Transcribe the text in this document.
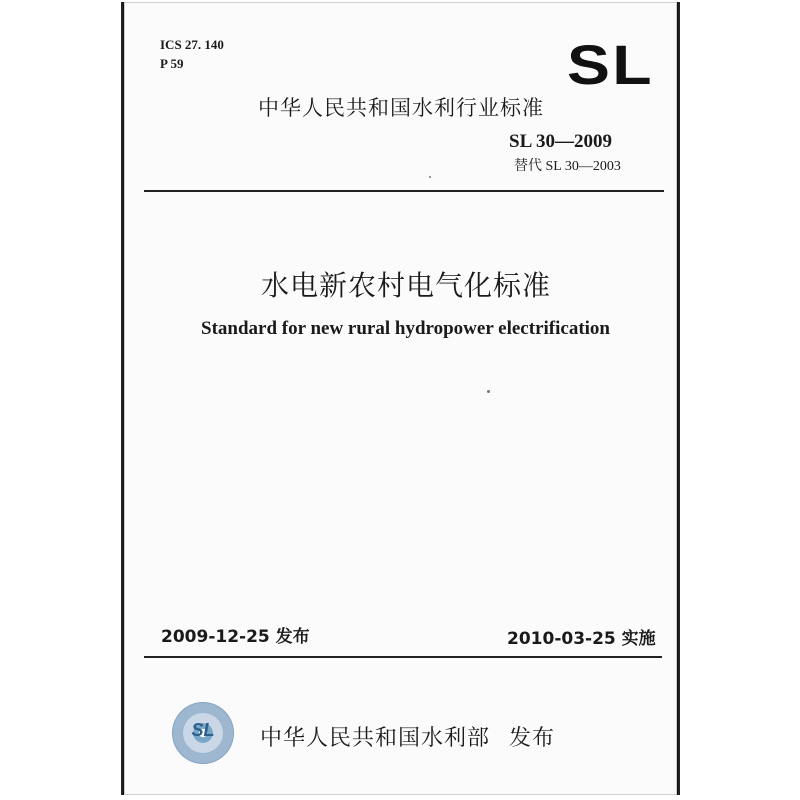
ICS 27. 140
P 59	SL
中华人民共和国水利行业标准
SL 30—2009
替代 SL 30—2003
水电新农村电气化标准
Standard for new rural hydropower electrification
2009-12-25 发布	2010-03-25 实施
SL	中华人民共和国水利部 发布
